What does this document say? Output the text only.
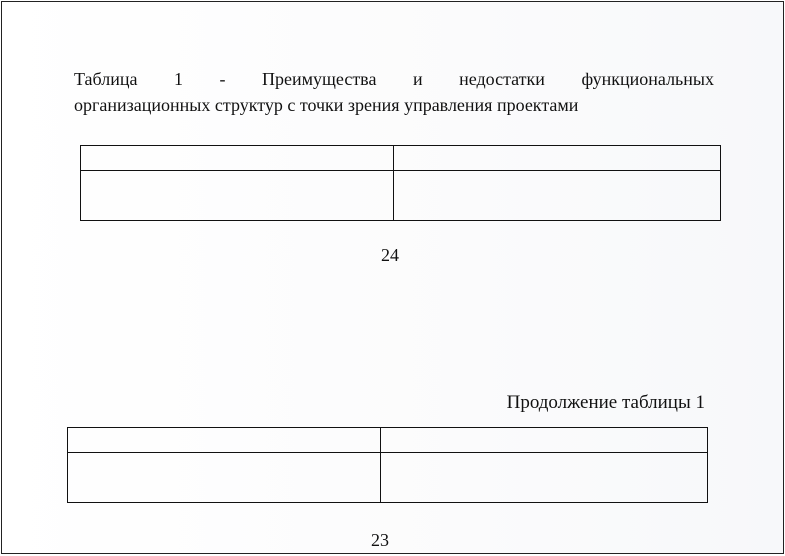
Таблица 1 - Преимущества и недостатки функциональных
организационных структур с точки зрения управления проектами

24
Продолжение таблицы 1

23
